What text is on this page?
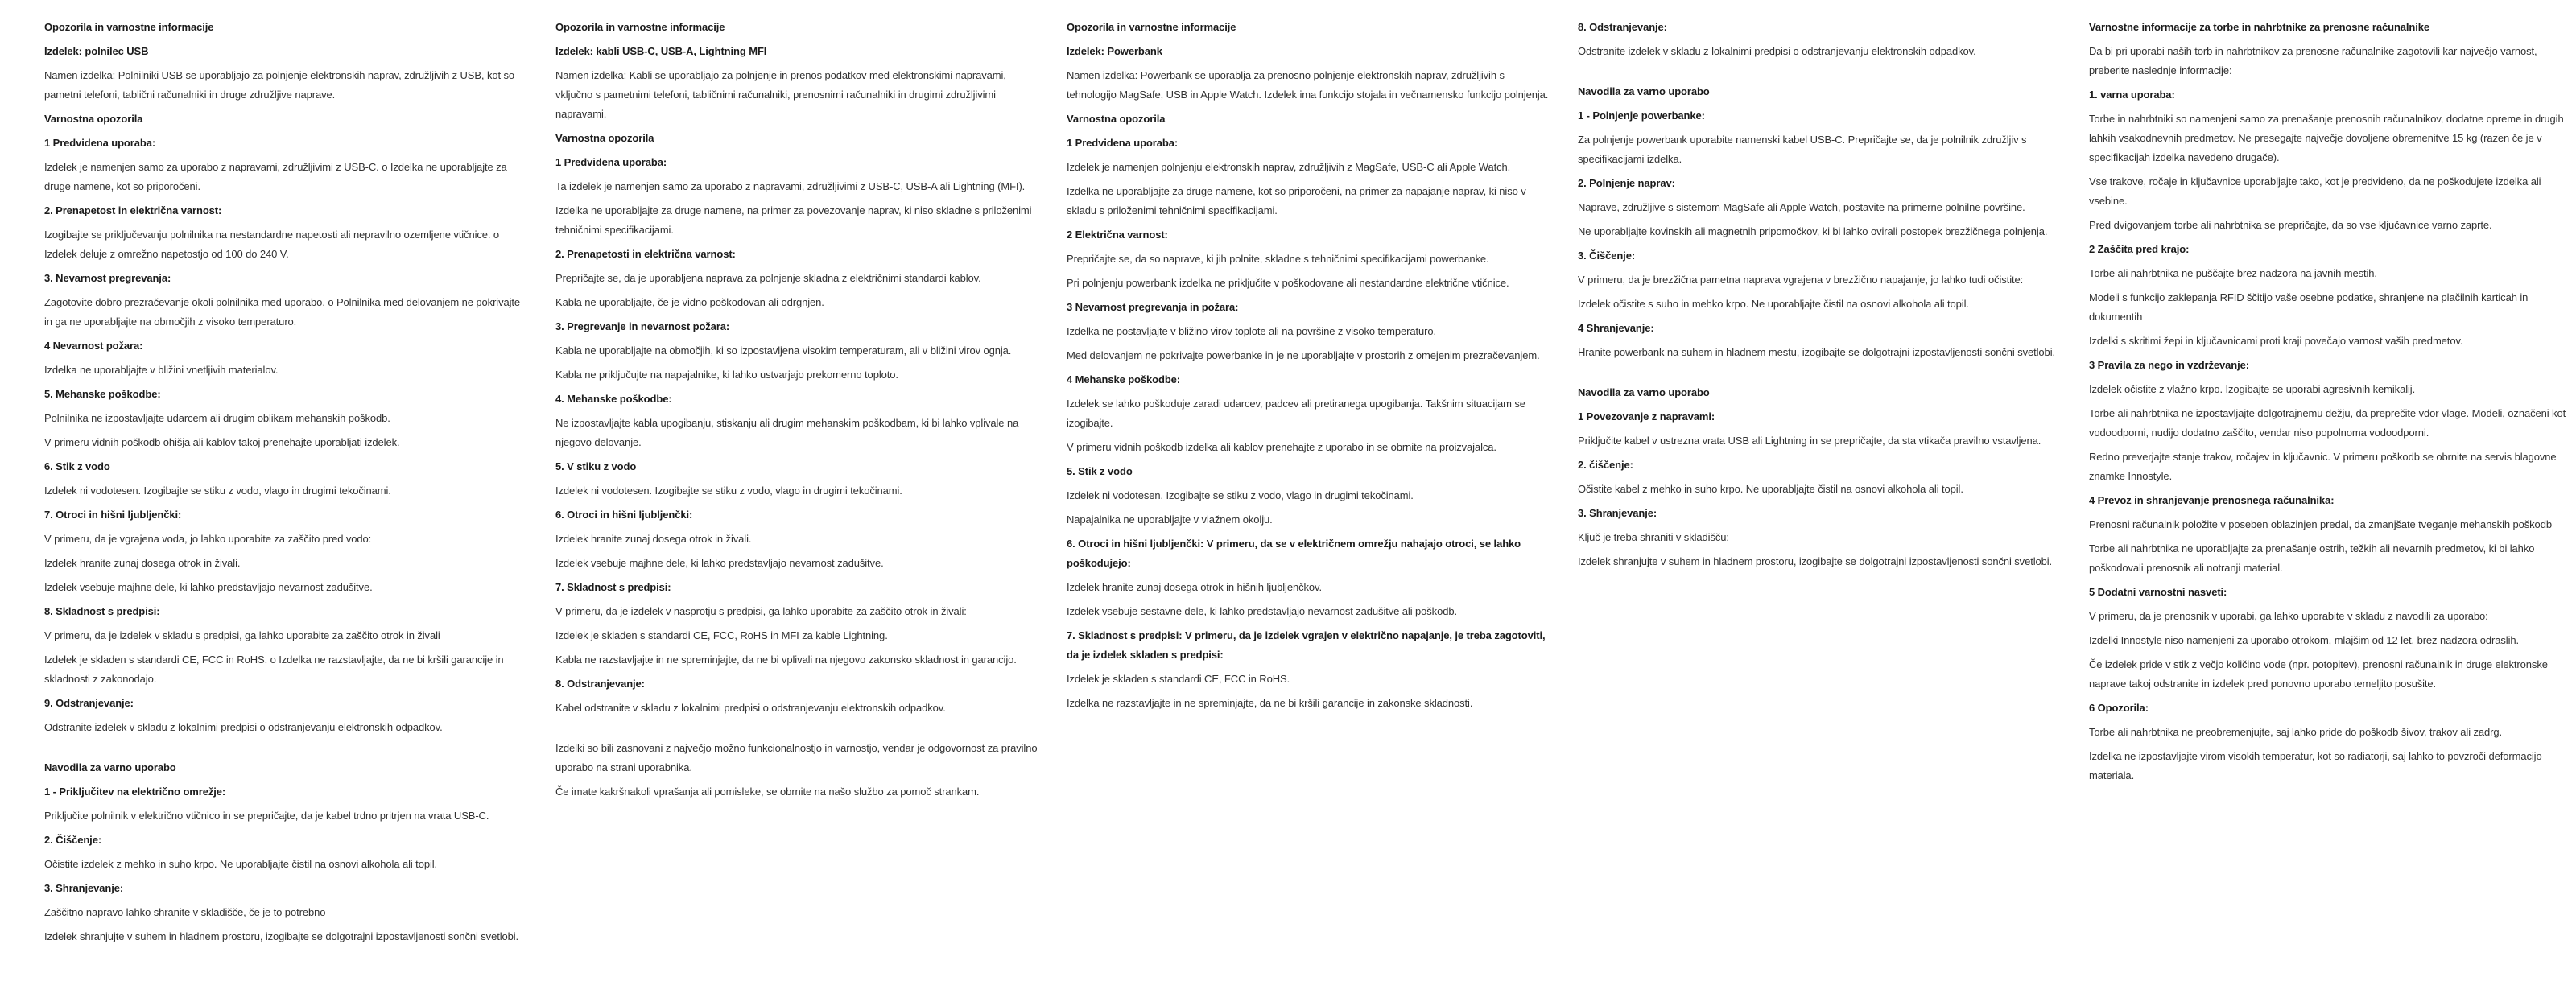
Opozorila in varnostne informacije
Izdelek: polnilec USB
Namen izdelka: Polnilniki USB se uporabljajo za polnjenje elektronskih naprav, združljivih z USB, kot so pametni telefoni, tablični računalniki in druge združljive naprave.
Varnostna opozorila
1 Predvidena uporaba:
Izdelek je namenjen samo za uporabo z napravami, združljivimi z USB-C. o Izdelka ne uporabljajte za druge namene, kot so priporočeni.
2. Prenapetost in električna varnost:
Izogibajte se priključevanju polnilnika na nestandardne napetosti ali nepravilno ozemljene vtičnice. o Izdelek deluje z omrežno napetostjo od 100 do 240 V.
3. Nevarnost pregrevanja:
Zagotovite dobro prezračevanje okoli polnilnika med uporabo. o Polnilnika med delovanjem ne pokrivajte in ga ne uporabljajte na območjih z visoko temperaturo.
4 Nevarnost požara:
Izdelka ne uporabljajte v bližini vnetljivih materialov.
5. Mehanske poškodbe:
Polnilnika ne izpostavljajte udarcem ali drugim oblikam mehanskih poškodb.
V primeru vidnih poškodb ohišja ali kablov takoj prenehajte uporabljati izdelek.
6. Stik z vodo
Izdelek ni vodotesen. Izogibajte se stiku z vodo, vlago in drugimi tekočinami.
7. Otroci in hišni ljubljenčki:
V primeru, da je vgrajena voda, jo lahko uporabite za zaščito pred vodo:
Izdelek hranite zunaj dosega otrok in živali.
Izdelek vsebuje majhne dele, ki lahko predstavljajo nevarnost zadušitve.
8. Skladnost s predpisi:
V primeru, da je izdelek v skladu s predpisi, ga lahko uporabite za zaščito otrok in živali
Izdelek je skladen s standardi CE, FCC in RoHS. o Izdelka ne razstavljajte, da ne bi kršili garancije in skladnosti z zakonodajo.
9. Odstranjevanje:
Odstranite izdelek v skladu z lokalnimi predpisi o odstranjevanju elektronskih odpadkov.
Navodila za varno uporabo
1 - Priključitev na električno omrežje:
Priključite polnilnik v električno vtičnico in se prepričajte, da je kabel trdno pritrjen na vrata USB-C.
2. Čiščenje:
Očistite izdelek z mehko in suho krpo. Ne uporabljajte čistil na osnovi alkohola ali topil.
3. Shranjevanje:
Zaščitno napravo lahko shranite v skladišče, če je to potrebno
Izdelek shranjujte v suhem in hladnem prostoru, izogibajte se dolgotrajni izpostavljenosti sončni svetlobi.
Opozorila in varnostne informacije
Izdelek: kabli USB-C, USB-A, Lightning MFI
Namen izdelka: Kabli se uporabljajo za polnjenje in prenos podatkov med elektronskimi napravami, vključno s pametnimi telefoni, tabličnimi računalniki, prenosnimi računalniki in drugimi združljivimi napravami.
Varnostna opozorila
1 Predvidena uporaba:
Ta izdelek je namenjen samo za uporabo z napravami, združljivimi z USB-C, USB-A ali Lightning (MFI).
Izdelka ne uporabljajte za druge namene, na primer za povezovanje naprav, ki niso skladne s priloženimi tehničnimi specifikacijami.
2. Prenapetosti in električna varnost:
Prepričajte se, da je uporabljena naprava za polnjenje skladna z električnimi standardi kablov.
Kabla ne uporabljajte, če je vidno poškodovan ali odrgnjen.
3. Pregrevanje in nevarnost požara:
Kabla ne uporabljajte na območjih, ki so izpostavljena visokim temperaturam, ali v bližini virov ognja.
Kabla ne priključujte na napajalnike, ki lahko ustvarjajo prekomerno toploto.
4. Mehanske poškodbe:
Ne izpostavljajte kabla upogibanju, stiskanju ali drugim mehanskim poškodbam, ki bi lahko vplivale na njegovo delovanje.
5. V stiku z vodo
Izdelek ni vodotesen. Izogibajte se stiku z vodo, vlago in drugimi tekočinami.
6. Otroci in hišni ljubljenčki:
Izdelek hranite zunaj dosega otrok in živali.
Izdelek vsebuje majhne dele, ki lahko predstavljajo nevarnost zadušitve.
7. Skladnost s predpisi:
V primeru, da je izdelek v nasprotju s predpisi, ga lahko uporabite za zaščito otrok in živali:
Izdelek je skladen s standardi CE, FCC, RoHS in MFI za kable Lightning.
Kabla ne razstavljajte in ne spreminjajte, da ne bi vplivali na njegovo zakonsko skladnost in garancijo.
8. Odstranjevanje:
Kabel odstranite v skladu z lokalnimi predpisi o odstranjevanju elektronskih odpadkov.
Izdelki so bili zasnovani z največjo možno funkcionalnostjo in varnostjo, vendar je odgovornost za pravilno uporabo na strani uporabnika.
Če imate kakršnakoli vprašanja ali pomisleke, se obrnite na našo službo za pomoč strankam.
Opozorila in varnostne informacije
Izdelek: Powerbank
Namen izdelka: Powerbank se uporablja za prenosno polnjenje elektronskih naprav, združljivih s tehnologijo MagSafe, USB in Apple Watch. Izdelek ima funkcijo stojala in večnamensko funkcijo polnjenja.
Varnostna opozorila
1 Predvidena uporaba:
Izdelek je namenjen polnjenju elektronskih naprav, združljivih z MagSafe, USB-C ali Apple Watch.
Izdelka ne uporabljajte za druge namene, kot so priporočeni, na primer za napajanje naprav, ki niso v skladu s priloženimi tehničnimi specifikacijami.
2 Električna varnost:
Prepričajte se, da so naprave, ki jih polnite, skladne s tehničnimi specifikacijami powerbanke.
Pri polnjenju powerbank izdelka ne priključite v poškodovane ali nestandardne električne vtičnice.
3 Nevarnost pregrevanja in požara:
Izdelka ne postavljajte v bližino virov toplote ali na površine z visoko temperaturo.
Med delovanjem ne pokrivajte powerbanke in je ne uporabljajte v prostorih z omejenim prezračevanjem.
4 Mehanske poškodbe:
Izdelek se lahko poškoduje zaradi udarcev, padcev ali pretiranega upogibanja. Takšnim situacijam se izogibajte.
V primeru vidnih poškodb izdelka ali kablov prenehajte z uporabo in se obrnite na proizvajalca.
5. Stik z vodo
Izdelek ni vodotesen. Izogibajte se stiku z vodo, vlago in drugimi tekočinami.
Napajalnika ne uporabljajte v vlažnem okolju.
6. Otroci in hišni ljubljenčki: V primeru, da se v električnem omrežju nahajajo otroci, se lahko poškodujejo:
Izdelek hranite zunaj dosega otrok in hišnih ljubljenčkov.
Izdelek vsebuje sestavne dele, ki lahko predstavljajo nevarnost zadušitve ali poškodb.
7. Skladnost s predpisi: V primeru, da je izdelek vgrajen v električno napajanje, je treba zagotoviti, da je izdelek skladen s predpisi:
Izdelek je skladen s standardi CE, FCC in RoHS.
Izdelka ne razstavljajte in ne spreminjajte, da ne bi kršili garancije in zakonske skladnosti.
8. Odstranjevanje:
Odstranite izdelek v skladu z lokalnimi predpisi o odstranjevanju elektronskih odpadkov.
Navodila za varno uporabo
1 - Polnjenje powerbanke:
Za polnjenje powerbank uporabite namenski kabel USB-C. Prepričajte se, da je polnilnik združljiv s specifikacijami izdelka.
2. Polnjenje naprav:
Naprave, združljive s sistemom MagSafe ali Apple Watch, postavite na primerne polnilne površine.
Ne uporabljajte kovinskih ali magnetnih pripomočkov, ki bi lahko ovirali postopek brezžičnega polnjenja.
3. Čiščenje:
V primeru, da je brezžična pametna naprava vgrajena v brezžično napajanje, jo lahko tudi očistite:
Izdelek očistite s suho in mehko krpo. Ne uporabljajte čistil na osnovi alkohola ali topil.
4 Shranjevanje:
Hranite powerbank na suhem in hladnem mestu, izogibajte se dolgotrajni izpostavljenosti sončni svetlobi.
Navodila za varno uporabo
1 Povezovanje z napravami:
Priključite kabel v ustrezna vrata USB ali Lightning in se prepričajte, da sta vtikača pravilno vstavljena.
2. čiščenje:
Očistite kabel z mehko in suho krpo. Ne uporabljajte čistil na osnovi alkohola ali topil.
3. Shranjevanje:
Ključ je treba shraniti v skladišču:
Izdelek shranjujte v suhem in hladnem prostoru, izogibajte se dolgotrajni izpostavljenosti sončni svetlobi.
Varnostne informacije za torbe in nahrbtnike za prenosne računalnike
Da bi pri uporabi naših torb in nahrbtnikov za prenosne računalnike zagotovili kar največjo varnost, preberite naslednje informacije:
1. varna uporaba:
Torbe in nahrbtniki so namenjeni samo za prenašanje prenosnih računalnikov, dodatne opreme in drugih lahkih vsakodnevnih predmetov. Ne presegajte največje dovoljene obremenitve 15 kg (razen če je v specifikacijah izdelka navedeno drugače).
Vse trakove, ročaje in ključavnice uporabljajte tako, kot je predvideno, da ne poškodujete izdelka ali vsebine.
Pred dvigovanjem torbe ali nahrbtnika se prepričajte, da so vse ključavnice varno zaprte.
2 Zaščita pred krajo:
Torbe ali nahrbtnika ne puščajte brez nadzora na javnih mestih.
Modeli s funkcijo zaklepanja RFID ščitijo vaše osebne podatke, shranjene na plačilnih karticah in dokumentih
Izdelki s skritimi žepi in ključavnicami proti kraji povečajo varnost vaših predmetov.
3 Pravila za nego in vzdrževanje:
Izdelek očistite z vlažno krpo. Izogibajte se uporabi agresivnih kemikalij.
Torbe ali nahrbtnika ne izpostavljajte dolgotrajnemu dežju, da preprečite vdor vlage. Modeli, označeni kot vodoodporni, nudijo dodatno zaščito, vendar niso popolnoma vodoodporni.
Redno preverjajte stanje trakov, ročajev in ključavnic. V primeru poškodb se obrnite na servis blagovne znamke Innostyle.
4 Prevoz in shranjevanje prenosnega računalnika:
Prenosni računalnik položite v poseben oblazinjen predal, da zmanjšate tveganje mehanskih poškodb
Torbe ali nahrbtnika ne uporabljajte za prenašanje ostrih, težkih ali nevarnih predmetov, ki bi lahko poškodovali prenosnik ali notranji material.
5 Dodatni varnostni nasveti:
V primeru, da je prenosnik v uporabi, ga lahko uporabite v skladu z navodili za uporabo:
Izdelki Innostyle niso namenjeni za uporabo otrokom, mlajšim od 12 let, brez nadzora odraslih.
Če izdelek pride v stik z večjo količino vode (npr. potopitev), prenosni računalnik in druge elektronske naprave takoj odstranite in izdelek pred ponovno uporabo temeljito posušite.
6 Opozorila:
Torbe ali nahrbtnika ne preobremenjujte, saj lahko pride do poškodb šivov, trakov ali zadrg.
Izdelka ne izpostavljajte virom visokih temperatur, kot so radiatorji, saj lahko to povzroči deformacijo materiala.
